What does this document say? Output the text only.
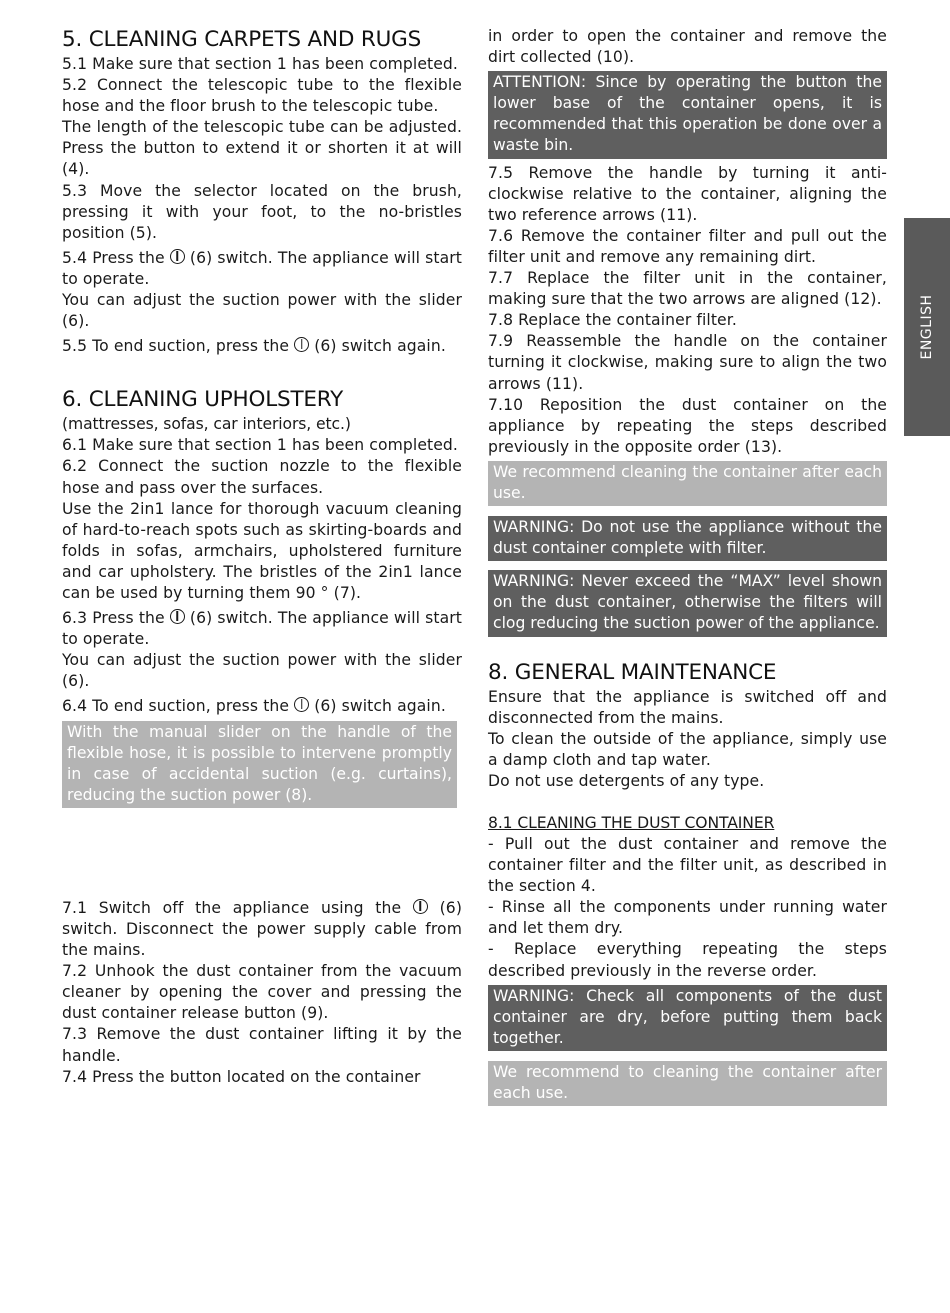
5. CLEANING CARPETS AND RUGS

5.1 Make sure that section 1 has been completed.

5.2 Connect the telescopic tube to the flexible hose and the floor brush to the telescopic tube.

The length of the telescopic tube can be adjusted. Press the button to extend it or shorten it at will (4).

5.3 Move the selector located on the brush, pressing it with your foot, to the no-bristles position (5).

5.4 Press the (6) switch. The appliance will start to operate.

You can adjust the suction power with the slider (6).

5.5 To end suction, press the (6) switch again.

6. CLEANING UPHOLSTERY
(mattresses, sofas, car interiors, etc.)

6.1 Make sure that section 1 has been completed.

6.2 Connect the suction nozzle to the flexible hose and pass over the surfaces.

Use the 2in1 lance for thorough vacuum cleaning of hard-to-reach spots such as skirting-boards and folds in sofas, armchairs, upholstered furniture and car upholstery. The bristles of the 2in1 lance can be used by turning them 90 ° (7).

6.3 Press the (6) switch. The appliance will start to operate.

You can adjust the suction power with the slider (6).

6.4 To end suction, press the (6) switch again.

With the manual slider on the handle of the flexible hose, it is possible to intervene promptly in case of accidental suction (e.g. curtains), reducing the suction power (8).

7.1 Switch off the appliance using the (6) switch. Disconnect the power supply cable from the mains.

7.2 Unhook the dust container from the vacuum cleaner by opening the cover and pressing the dust container release button (9).

7.3 Remove the dust container lifting it by the handle.

7.4 Press the button located on the container

in order to open the container and remove the dirt collected (10).

ATTENTION: Since by operating the button the lower base of the container opens, it is recommended that this operation be done over a waste bin.

7.5 Remove the handle by turning it anti-clockwise relative to the container, aligning the two reference arrows (11).

7.6 Remove the container filter and pull out the filter unit and remove any remaining dirt.

7.7 Replace the filter unit in the container, making sure that the two arrows are aligned (12).

7.8 Replace the container filter.

7.9 Reassemble the handle on the container turning it clockwise, making sure to align the two arrows (11).

7.10 Reposition the dust container on the appliance by repeating the steps described previously in the opposite order (13).

We recommend cleaning the container after each use.
WARNING: Do not use the appliance without the dust container complete with filter.
WARNING: Never exceed the “MAX” level shown on the dust container, otherwise the filters will clog reducing the suction power of the appliance.
8. GENERAL MAINTENANCE

Ensure that the appliance is switched off and disconnected from the mains.

To clean the outside of the appliance, simply use a damp cloth and tap water.

Do not use detergents of any type.

8.1 CLEANING THE DUST CONTAINER

- Pull out the dust container and remove the container filter and the filter unit, as described in the section 4.

- Rinse all the components under running water and let them dry.

- Replace everything repeating the steps described previously in the reverse order.

WARNING: Check all components of the dust container are dry, before putting them back together.
We recommend to cleaning the container after each use.
ENGLISH
